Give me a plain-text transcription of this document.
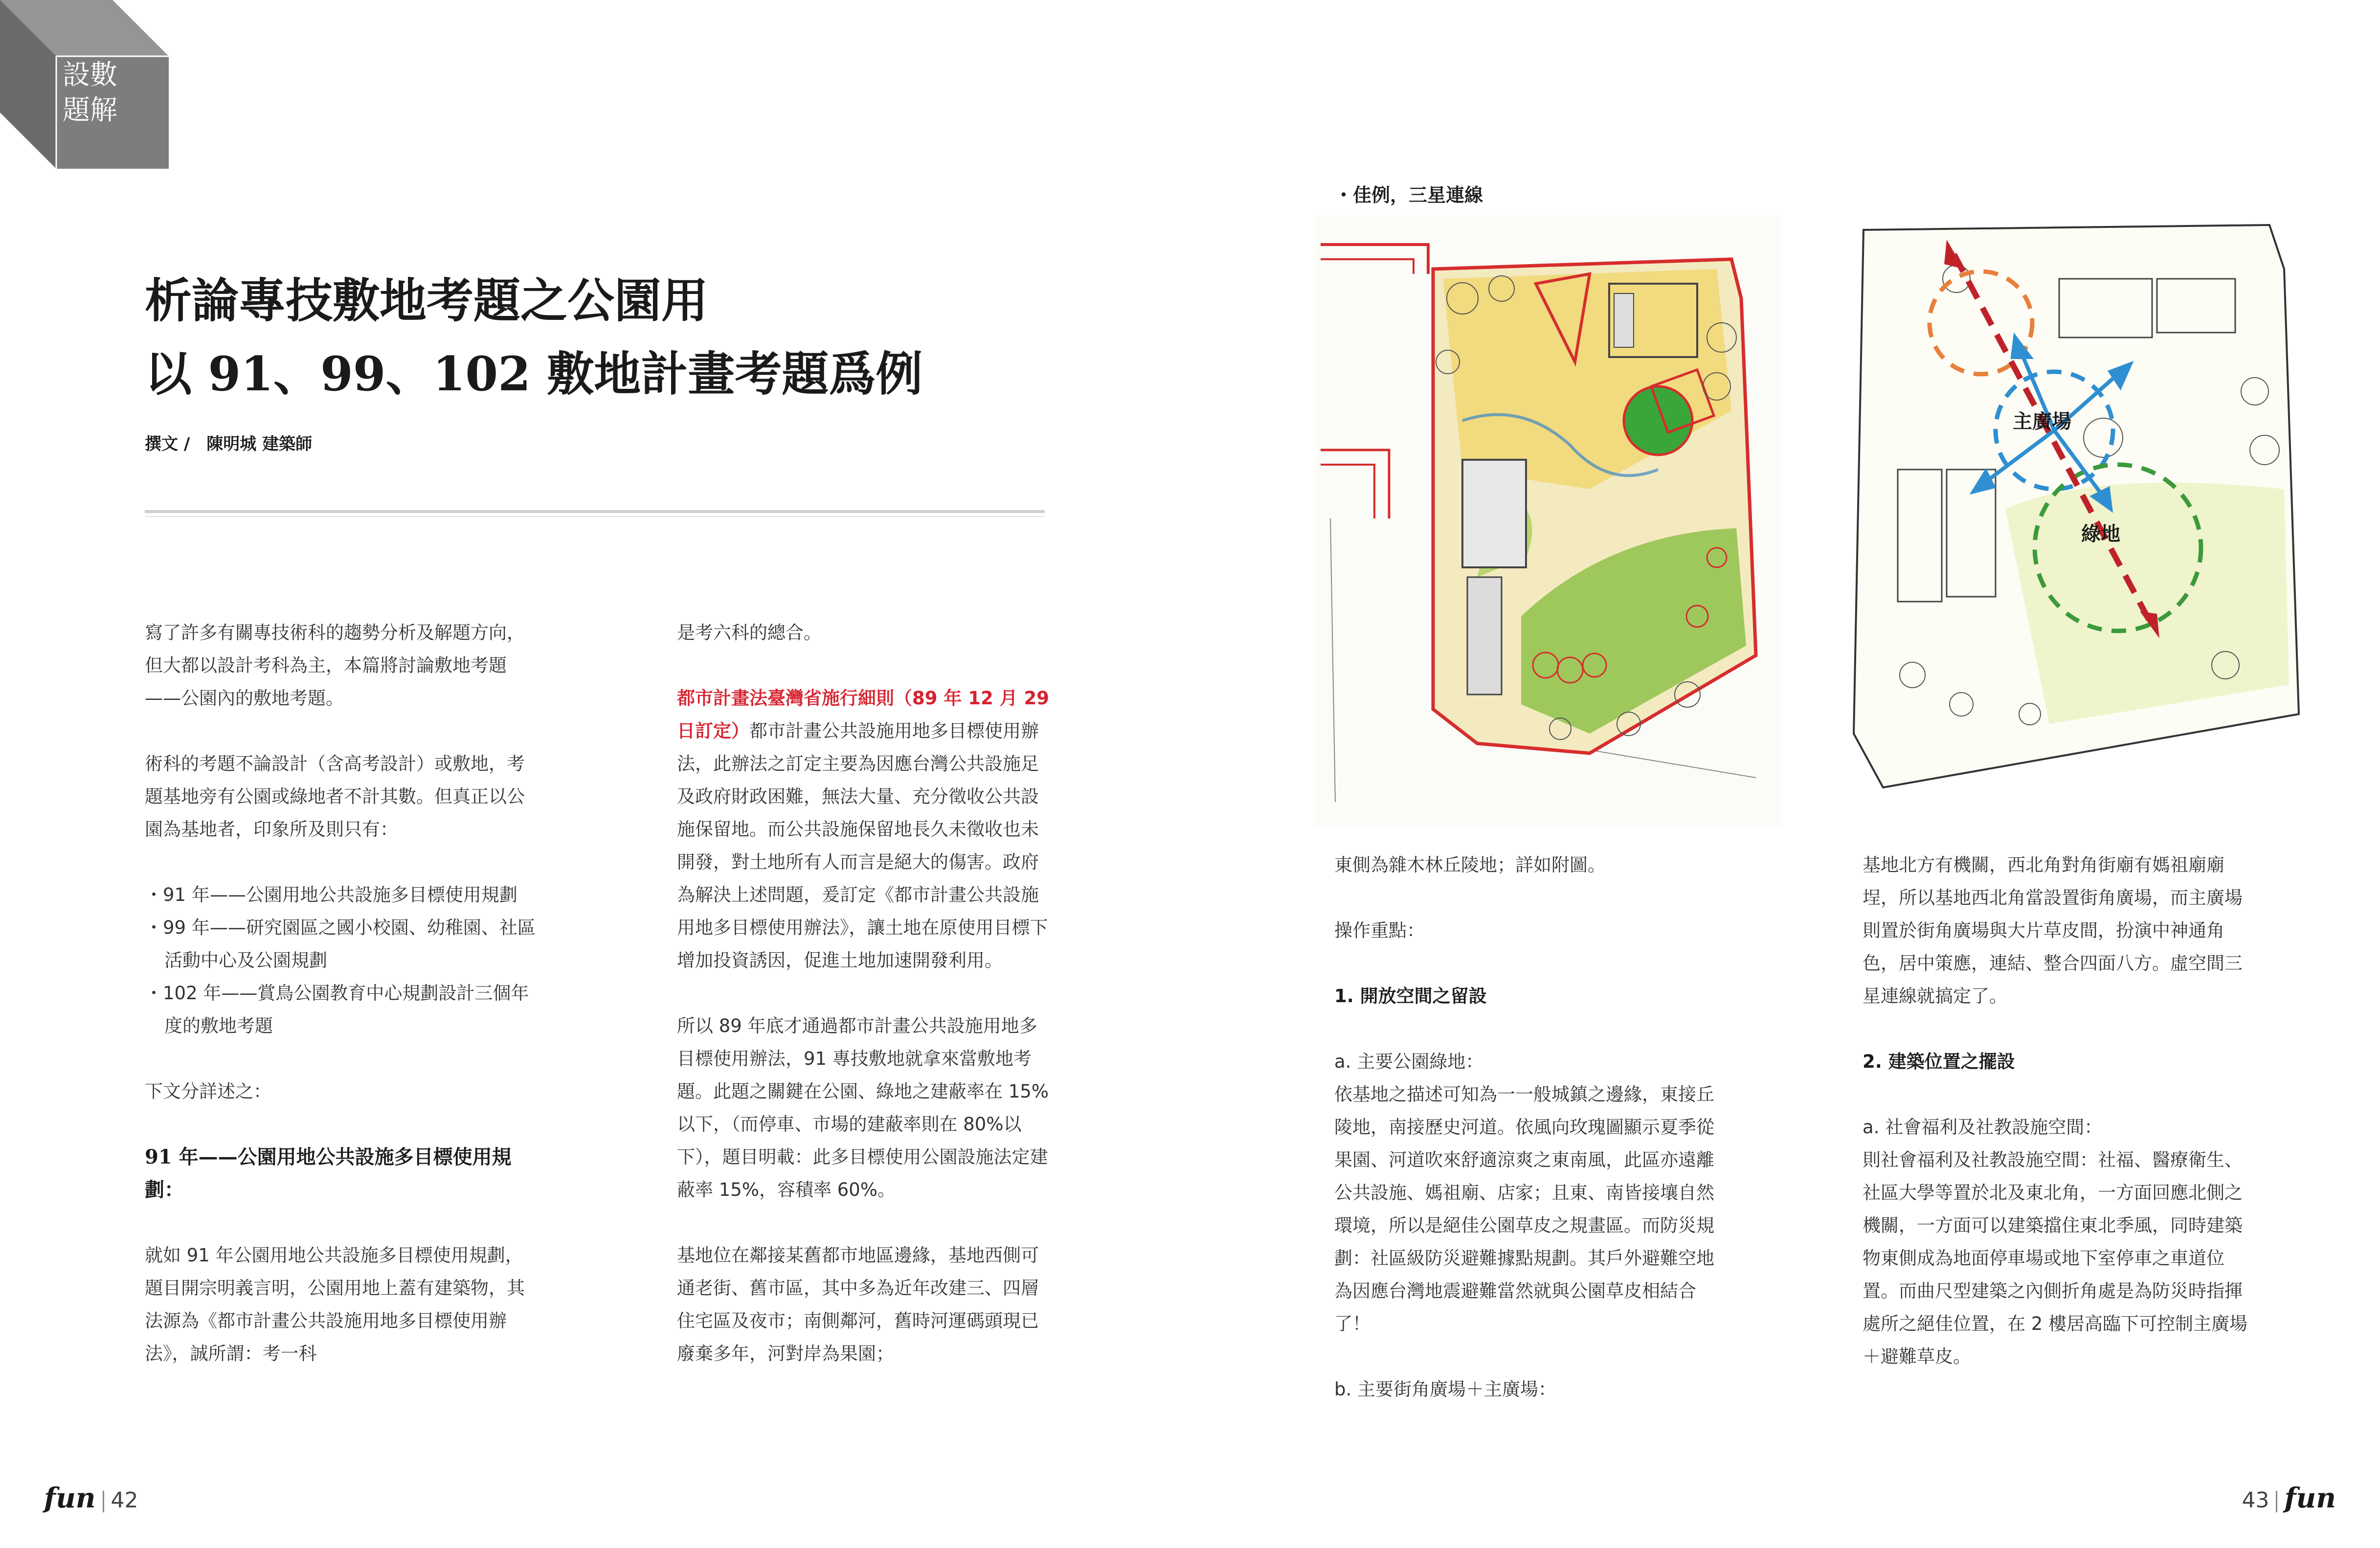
設數
題解
析論專技敷地考題之公園用
以 91、99、102 敷地計畫考題爲例
撰文 /　陳明城 建築師

寫了許多有關專技術科的趨勢分析及解題方向，但大都以設計考科為主，本篇將討論敷地考題——公園內的敷地考題。

術科的考題不論設計（含高考設計）或敷地，考題基地旁有公園或綠地者不計其數。但真正以公園為基地者，印象所及則只有：

・91 年——公園用地公共設施多目標使用規劃

・99 年——研究園區之國小校園、幼稚園、社區活動中心及公園規劃

・102 年——賞鳥公園教育中心規劃設計三個年度的敷地考題

下文分詳述之：

91 年——公園用地公共設施多目標使用規劃：

就如 91 年公園用地公共設施多目標使用規劃，題目開宗明義言明，公園用地上蓋有建築物，其法源為《都市計畫公共設施用地多目標使用辦法》，誠所謂：考一科

是考六科的總合。

都市計畫法臺灣省施行細則（89 年 12 月 29 日訂定）都市計畫公共設施用地多目標使用辦法，此辦法之訂定主要為因應台灣公共設施足及政府財政困難，無法大量、充分徵收公共設施保留地。而公共設施保留地長久未徵收也未開發，對土地所有人而言是絕大的傷害。政府為解決上述問題，爰訂定《都市計畫公共設施用地多目標使用辦法》，讓土地在原使用目標下增加投資誘因，促進土地加速開發利用。

所以 89 年底才通過都市計畫公共設施用地多目標使用辦法，91 專技敷地就拿來當敷地考題。此題之關鍵在公園、綠地之建蔽率在 15%以下，（而停車、市場的建蔽率則在 80%以下），題目明載：此多目標使用公園設施法定建蔽率 15%，容積率 60%。

基地位在鄰接某舊都市地區邊緣，基地西側可通老街、舊市區，其中多為近年改建三、四層住宅區及夜市；南側鄰河，舊時河運碼頭現已廢棄多年，河對岸為果園；

・佳例，三星連線
主廣場
綠地

東側為雜木林丘陵地；詳如附圖。

操作重點：

1. 開放空間之留設

a. 主要公園綠地：

依基地之描述可知為一一般城鎮之邊緣，東接丘陵地，南接歷史河道。依風向玫瑰圖顯示夏季從果園、河道吹來舒適涼爽之東南風，此區亦遠離公共設施、媽祖廟、店家；且東、南皆接壤自然環境，所以是絕佳公園草皮之規畫區。而防災規劃：社區級防災避難據點規劃。其戶外避難空地為因應台灣地震避難當然就與公園草皮相結合了！

b. 主要街角廣場＋主廣場：

基地北方有機關，西北角對角街廟有媽祖廟廟埕，所以基地西北角當設置街角廣場，而主廣場則置於街角廣場與大片草皮間，扮演中神通角色，居中策應，連結、整合四面八方。虛空間三星連線就搞定了。

2. 建築位置之擺設

a. 社會福利及社教設施空間：

則社會福利及社教設施空間：社福、醫療衛生、社區大學等置於北及東北角，一方面回應北側之機關，一方面可以建築擋住東北季風，同時建築物東側成為地面停車場或地下室停車之車道位置。而曲尺型建築之內側折角處是為防災時指揮處所之絕佳位置，在 2 樓居高臨下可控制主廣場＋避難草皮。

fun 42	43 fun
